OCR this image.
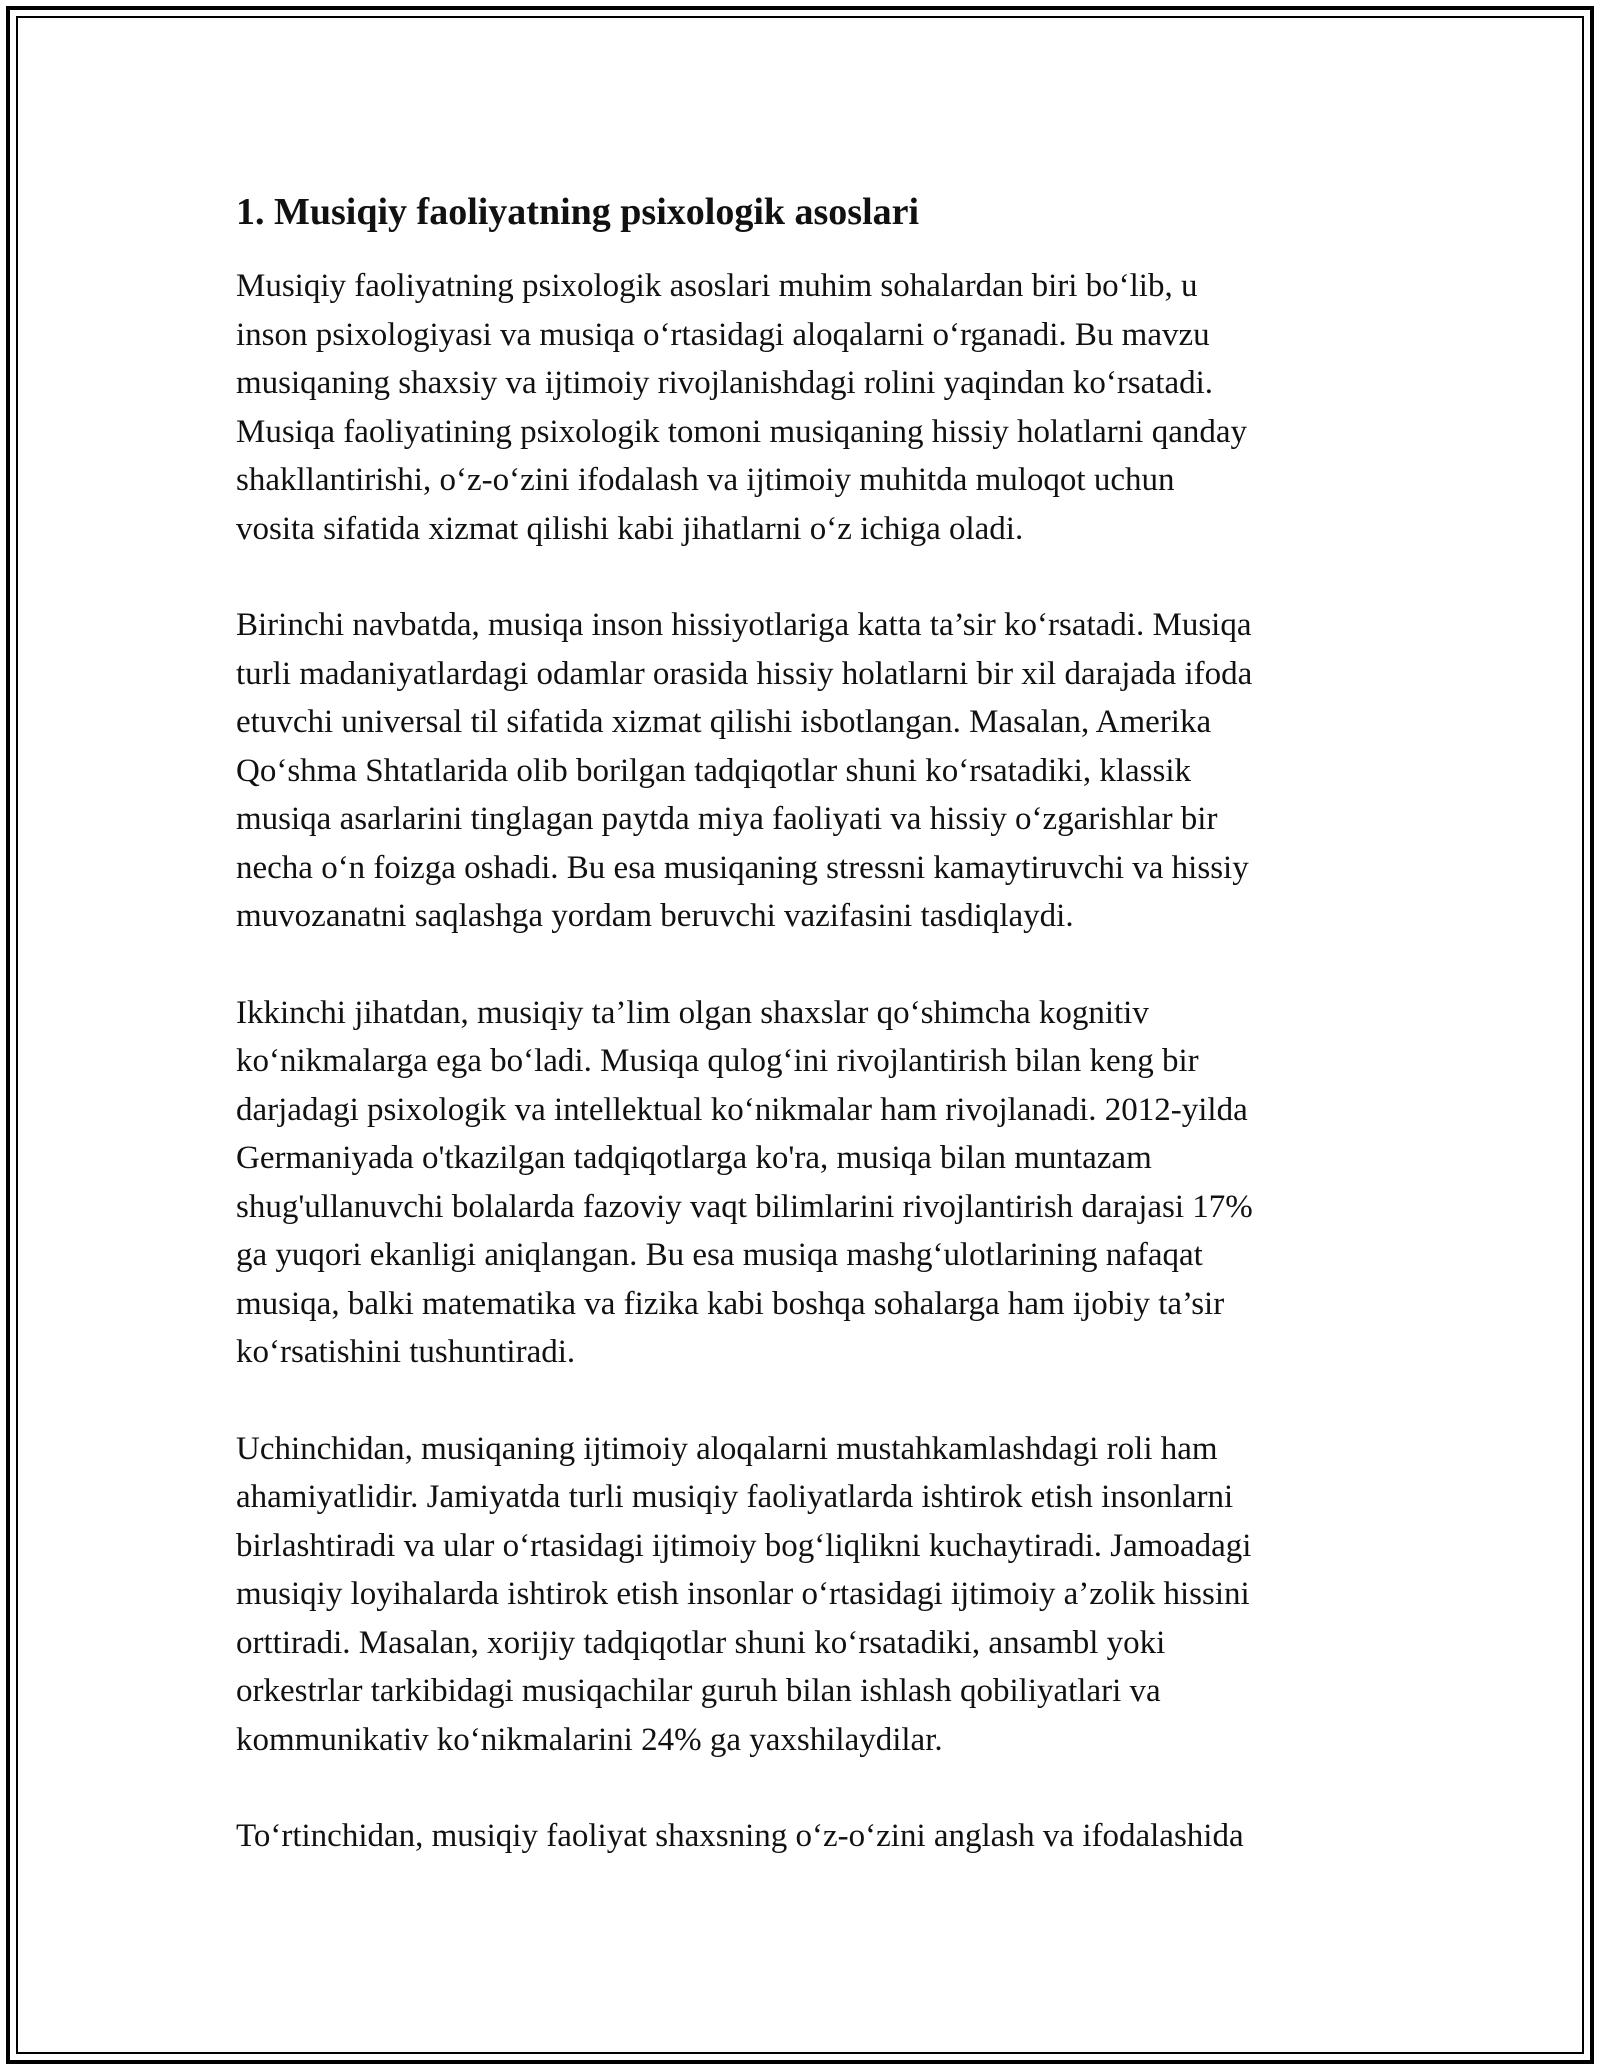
1. Musiqiy faoliyatning psixologik asoslari

Musiqiy faoliyatning psixologik asoslari muhim sohalardan biri bo‘lib, u
inson psixologiyasi va musiqa o‘rtasidagi aloqalarni o‘rganadi. Bu mavzu
musiqaning shaxsiy va ijtimoiy rivojlanishdagi rolini yaqindan ko‘rsatadi.
Musiqa faoliyatining psixologik tomoni musiqaning hissiy holatlarni qanday
shakllantirishi, o‘z-o‘zini ifodalash va ijtimoiy muhitda muloqot uchun
vosita sifatida xizmat qilishi kabi jihatlarni o‘z ichiga oladi.

Birinchi navbatda, musiqa inson hissiyotlariga katta ta’sir ko‘rsatadi. Musiqa
turli madaniyatlardagi odamlar orasida hissiy holatlarni bir xil darajada ifoda
etuvchi universal til sifatida xizmat qilishi isbotlangan. Masalan, Amerika
Qo‘shma Shtatlarida olib borilgan tadqiqotlar shuni ko‘rsatadiki, klassik
musiqa asarlarini tinglagan paytda miya faoliyati va hissiy o‘zgarishlar bir
necha o‘n foizga oshadi. Bu esa musiqaning stressni kamaytiruvchi va hissiy
muvozanatni saqlashga yordam beruvchi vazifasini tasdiqlaydi.

Ikkinchi jihatdan, musiqiy ta’lim olgan shaxslar qo‘shimcha kognitiv
ko‘nikmalarga ega bo‘ladi. Musiqa qulog‘ini rivojlantirish bilan keng bir
darjadagi psixologik va intellektual ko‘nikmalar ham rivojlanadi. 2012-yilda
Germaniyada o'tkazilgan tadqiqotlarga ko'ra, musiqa bilan muntazam
shug'ullanuvchi bolalarda fazoviy vaqt bilimlarini rivojlantirish darajasi 17%
ga yuqori ekanligi aniqlangan. Bu esa musiqa mashg‘ulotlarining nafaqat
musiqa, balki matematika va fizika kabi boshqa sohalarga ham ijobiy ta’sir
ko‘rsatishini tushuntiradi.

Uchinchidan, musiqaning ijtimoiy aloqalarni mustahkamlashdagi roli ham
ahamiyatlidir. Jamiyatda turli musiqiy faoliyatlarda ishtirok etish insonlarni
birlashtiradi va ular o‘rtasidagi ijtimoiy bog‘liqlikni kuchaytiradi. Jamoadagi
musiqiy loyihalarda ishtirok etish insonlar o‘rtasidagi ijtimoiy a’zolik hissini
orttiradi. Masalan, xorijiy tadqiqotlar shuni ko‘rsatadiki, ansambl yoki
orkestrlar tarkibidagi musiqachilar guruh bilan ishlash qobiliyatlari va
kommunikativ ko‘nikmalarini 24% ga yaxshilaydilar.

To‘rtinchidan, musiqiy faoliyat shaxsning o‘z-o‘zini anglash va ifodalashida
